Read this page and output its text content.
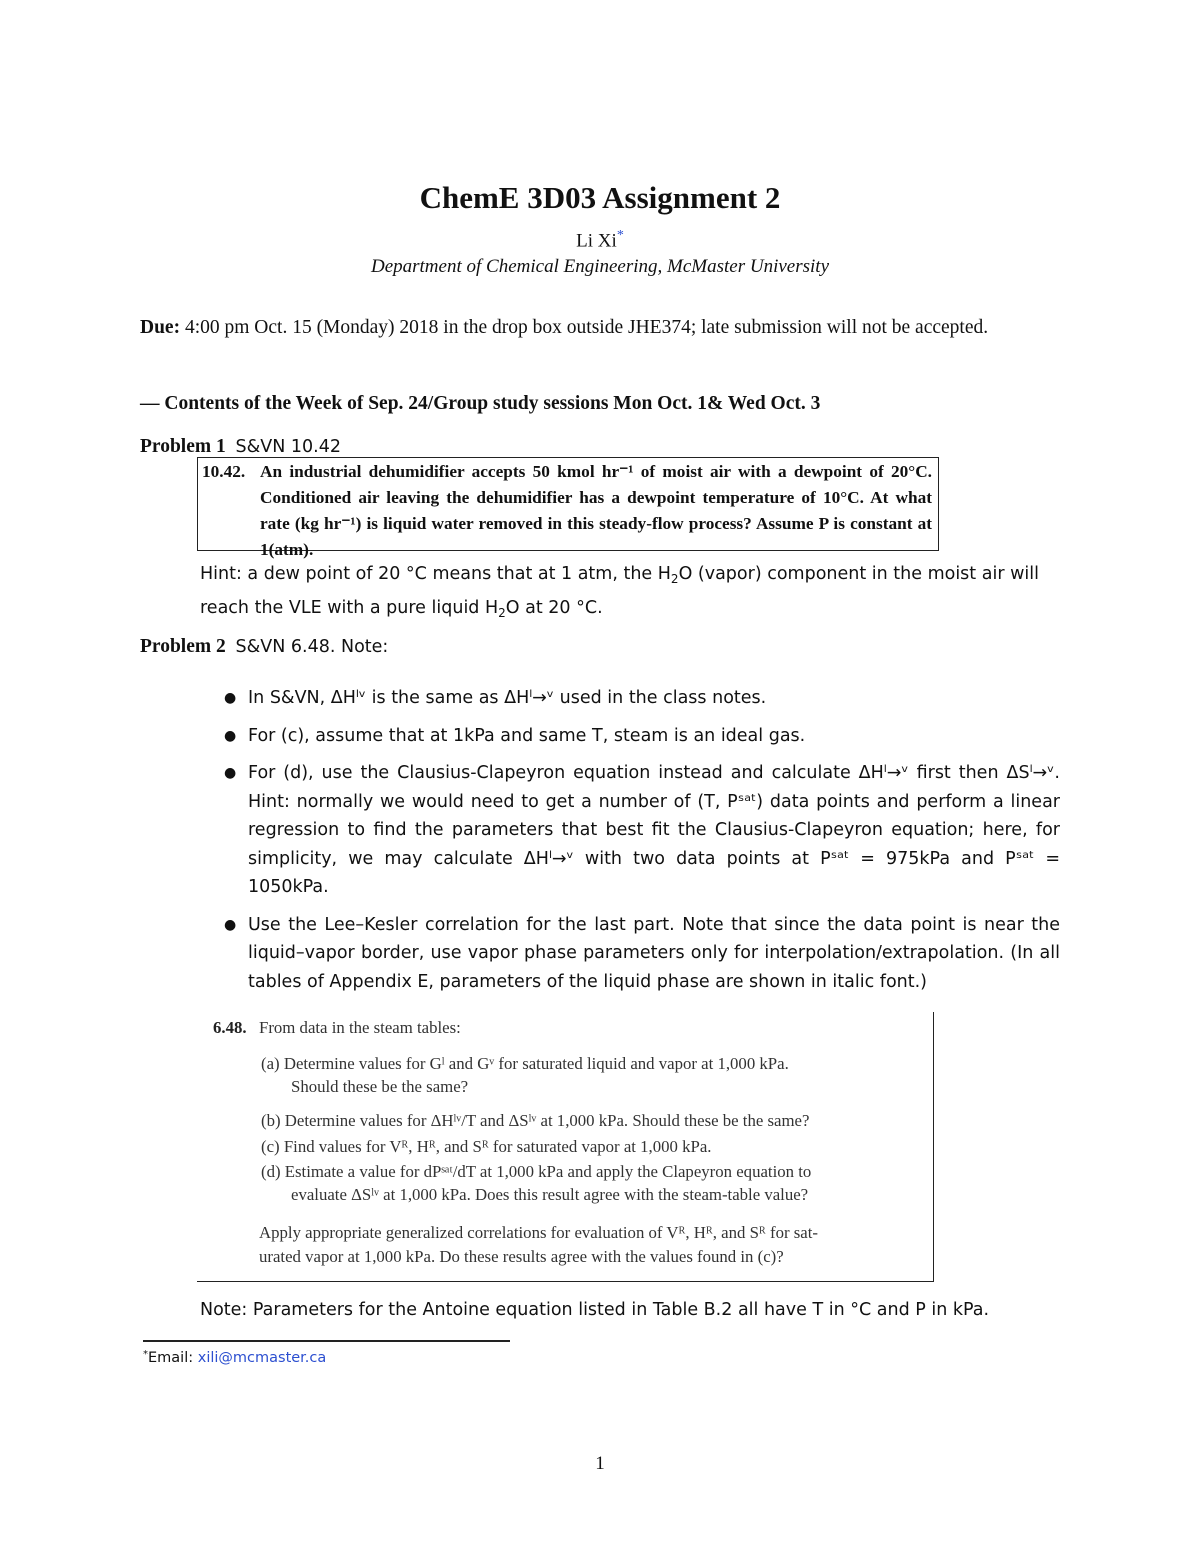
ChemE 3D03 Assignment 2
Li Xi*
Department of Chemical Engineering, McMaster University
Due: 4:00 pm Oct. 15 (Monday) 2018 in the drop box outside JHE374; late submission will not be accepted.
— Contents of the Week of Sep. 24/Group study sessions Mon Oct. 1& Wed Oct. 3
Problem 1 S&VN 10.42
10.42. An industrial dehumidifier accepts 50 kmol hr⁻¹ of moist air with a dewpoint of 20°C. Conditioned air leaving the dehumidifier has a dewpoint temperature of 10°C. At what rate (kg hr⁻¹) is liquid water removed in this steady-flow process? Assume P is constant at 1(atm).
Hint: a dew point of 20 °C means that at 1 atm, the $H_2O$ (vapor) component in the moist air will reach the VLE with a pure liquid $H_2O$ at 20 °C.
Problem 2 S&VN 6.48. Note:
● In S&VN, ΔHˡᵛ is the same as ΔHˡ→ᵛ used in the class notes.
● For (c), assume that at 1kPa and same T, steam is an ideal gas.
● For (d), use the Clausius-Clapeyron equation instead and calculate ΔHˡ→ᵛ first then ΔSˡ→ᵛ. Hint: normally we would need to get a number of (T, Pˢᵃᵗ) data points and perform a linear regression to find the parameters that best fit the Clausius-Clapeyron equation; here, for simplicity, we may calculate ΔHˡ→ᵛ with two data points at Pˢᵃᵗ = 975kPa and Pˢᵃᵗ = 1050kPa.
● Use the Lee–Kesler correlation for the last part. Note that since the data point is near the liquid–vapor border, use vapor phase parameters only for interpolation/extrapolation. (In all tables of Appendix E, parameters of the liquid phase are shown in italic font.)
6.48. From data in the steam tables:
(a) Determine values for Gˡ and Gᵛ for saturated liquid and vapor at 1,000 kPa.
Should these be the same?
(b) Determine values for ΔHˡᵛ/T and ΔSˡᵛ at 1,000 kPa. Should these be the same?
(c) Find values for Vᴿ, Hᴿ, and Sᴿ for saturated vapor at 1,000 kPa.
(d) Estimate a value for dPˢᵃᵗ/dT at 1,000 kPa and apply the Clapeyron equation to
evaluate ΔSˡᵛ at 1,000 kPa. Does this result agree with the steam-table value?
Apply appropriate generalized correlations for evaluation of Vᴿ, Hᴿ, and Sᴿ for sat-
urated vapor at 1,000 kPa. Do these results agree with the values found in (c)?
Note: Parameters for the Antoine equation listed in Table B.2 all have T in °C and P in kPa.
*Email: xili@mcmaster.ca
1
